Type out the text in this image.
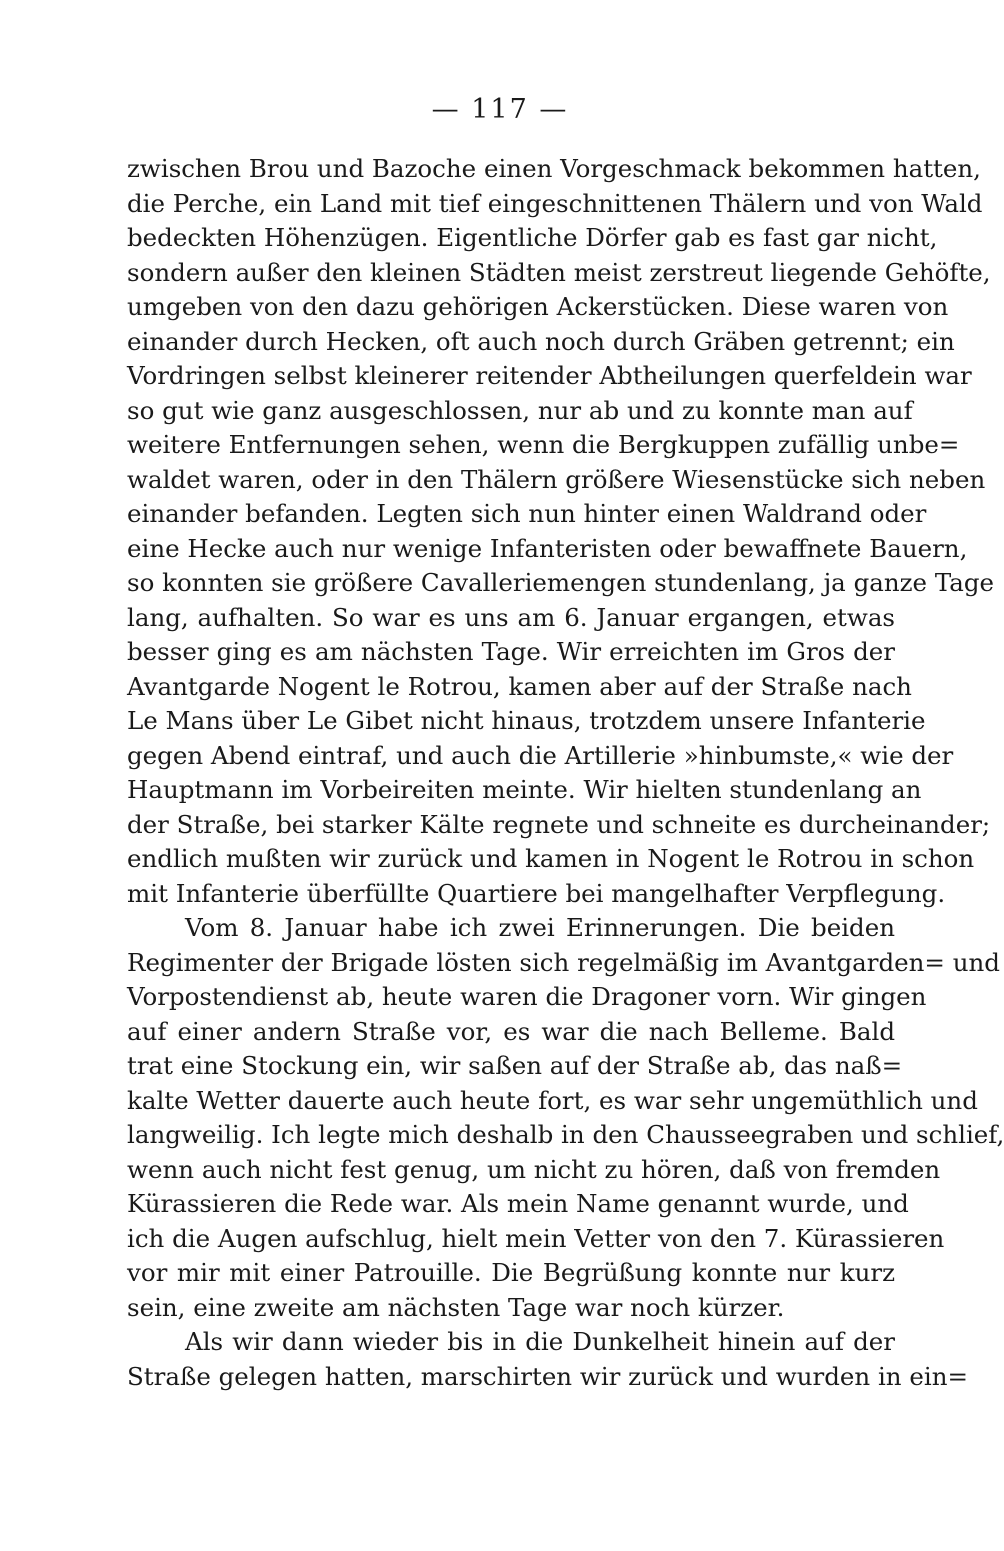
— 117 —
zwischen Brou und Bazoche einen Vorgeschmack bekommen hatten,
die Perche, ein Land mit tief eingeschnittenen Thälern und von Wald
bedeckten Höhenzügen. Eigentliche Dörfer gab es fast gar nicht,
sondern außer den kleinen Städten meist zerstreut liegende Gehöfte,
umgeben von den dazu gehörigen Ackerstücken. Diese waren von
einander durch Hecken, oft auch noch durch Gräben getrennt; ein
Vordringen selbst kleinerer reitender Abtheilungen querfeldein war
so gut wie ganz ausgeschlossen, nur ab und zu konnte man auf
weitere Entfernungen sehen, wenn die Bergkuppen zufällig unbe=
waldet waren, oder in den Thälern größere Wiesenstücke sich neben
einander befanden. Legten sich nun hinter einen Waldrand oder
eine Hecke auch nur wenige Infanteristen oder bewaffnete Bauern,
so konnten sie größere Cavalleriemengen stundenlang, ja ganze Tage
lang, aufhalten. So war es uns am 6. Januar ergangen, etwas
besser ging es am nächsten Tage. Wir erreichten im Gros der
Avantgarde Nogent le Rotrou, kamen aber auf der Straße nach
Le Mans über Le Gibet nicht hinaus, trotzdem unsere Infanterie
gegen Abend eintraf, und auch die Artillerie »hinbumste,« wie der
Hauptmann im Vorbeireiten meinte. Wir hielten stundenlang an
der Straße, bei starker Kälte regnete und schneite es durcheinander;
endlich mußten wir zurück und kamen in Nogent le Rotrou in schon
mit Infanterie überfüllte Quartiere bei mangelhafter Verpflegung.
Vom 8. Januar habe ich zwei Erinnerungen. Die beiden
Regimenter der Brigade lösten sich regelmäßig im Avantgarden= und
Vorpostendienst ab, heute waren die Dragoner vorn. Wir gingen
auf einer andern Straße vor, es war die nach Belleme. Bald
trat eine Stockung ein, wir saßen auf der Straße ab, das naß=
kalte Wetter dauerte auch heute fort, es war sehr ungemüthlich und
langweilig. Ich legte mich deshalb in den Chausseegraben und schlief,
wenn auch nicht fest genug, um nicht zu hören, daß von fremden
Kürassieren die Rede war. Als mein Name genannt wurde, und
ich die Augen aufschlug, hielt mein Vetter von den 7. Kürassieren
vor mir mit einer Patrouille. Die Begrüßung konnte nur kurz
sein, eine zweite am nächsten Tage war noch kürzer.
Als wir dann wieder bis in die Dunkelheit hinein auf der
Straße gelegen hatten, marschirten wir zurück und wurden in ein=
